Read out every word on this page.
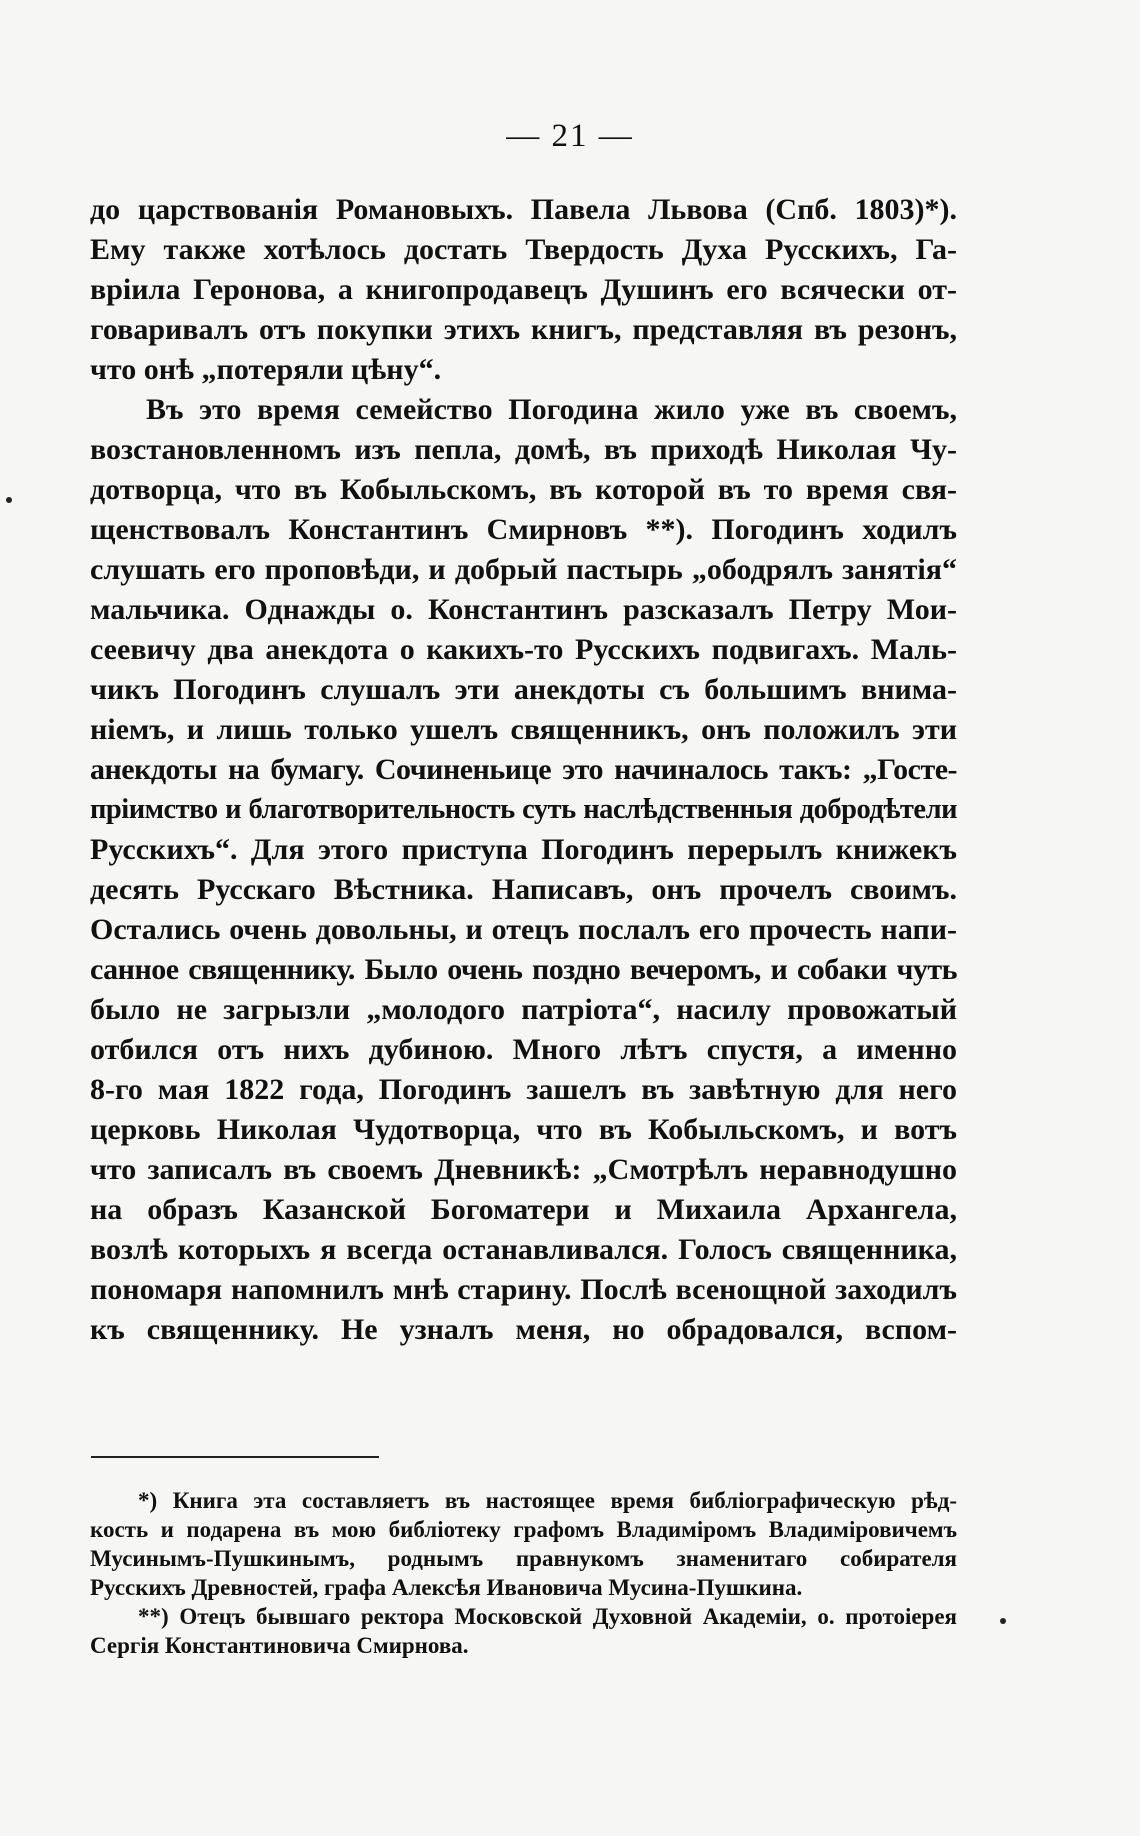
— 21 —
до царствованія Романовыхъ. Павела Львова (Спб. 1803)*).
Ему также хотѣлось достать Твердость Духа Русскихъ, Га-
вріила Геронова, а книгопродавецъ Душинъ его всячески от-
говаривалъ отъ покупки этихъ книгъ, представляя въ резонъ,
что онѣ „потеряли цѣну“.
Въ это время семейство Погодина жило уже въ своемъ,
возстановленномъ изъ пепла, домѣ, въ приходѣ Николая Чу-
дотворца, что въ Кобыльскомъ, въ которой въ то время свя-
щенствовалъ Константинъ Смирновъ **). Погодинъ ходилъ
слушать его проповѣди, и добрый пастырь „ободрялъ занятія“
мальчика. Однажды о. Константинъ разсказалъ Петру Мои-
сеевичу два анекдота о какихъ-то Русскихъ подвигахъ. Маль-
чикъ Погодинъ слушалъ эти анекдоты съ большимъ внима-
ніемъ, и лишь только ушелъ священникъ, онъ положилъ эти
анекдоты на бумагу. Сочиненьице это начиналось такъ: „Госте-
пріимство и благотворительность суть наслѣдственныя добродѣтели
Русскихъ“. Для этого приступа Погодинъ перерылъ книжекъ
десять Русскаго Вѣстника. Написавъ, онъ прочелъ своимъ.
Остались очень довольны, и отецъ послалъ его прочесть напи-
санное священнику. Было очень поздно вечеромъ, и собаки чуть
было не загрызли „молодого патріота“, насилу провожатый
отбился отъ нихъ дубиною. Много лѣтъ спустя, а именно
8-го мая 1822 года, Погодинъ зашелъ въ завѣтную для него
церковь Николая Чудотворца, что въ Кобыльскомъ, и вотъ
что записалъ въ своемъ Дневникѣ: „Смотрѣлъ неравнодушно
на образъ Казанской Богоматери и Михаила Архангела,
возлѣ которыхъ я всегда останавливался. Голосъ священника,
пономаря напомнилъ мнѣ старину. Послѣ всенощной заходилъ
къ священнику. Не узналъ меня, но обрадовался, вспом-
*) Книга эта составляетъ въ настоящее время библіографическую рѣд-
кость и подарена въ мою библіотеку графомъ Владиміромъ Владиміровичемъ
Мусинымъ-Пушкинымъ, роднымъ правнукомъ знаменитаго собирателя
Русскихъ Древностей, графа Алексѣя Ивановича Мусина-Пушкина.
**) Отецъ бывшаго ректора Московской Духовной Академіи, о. протоіерея
Сергія Константиновича Смирнова.
